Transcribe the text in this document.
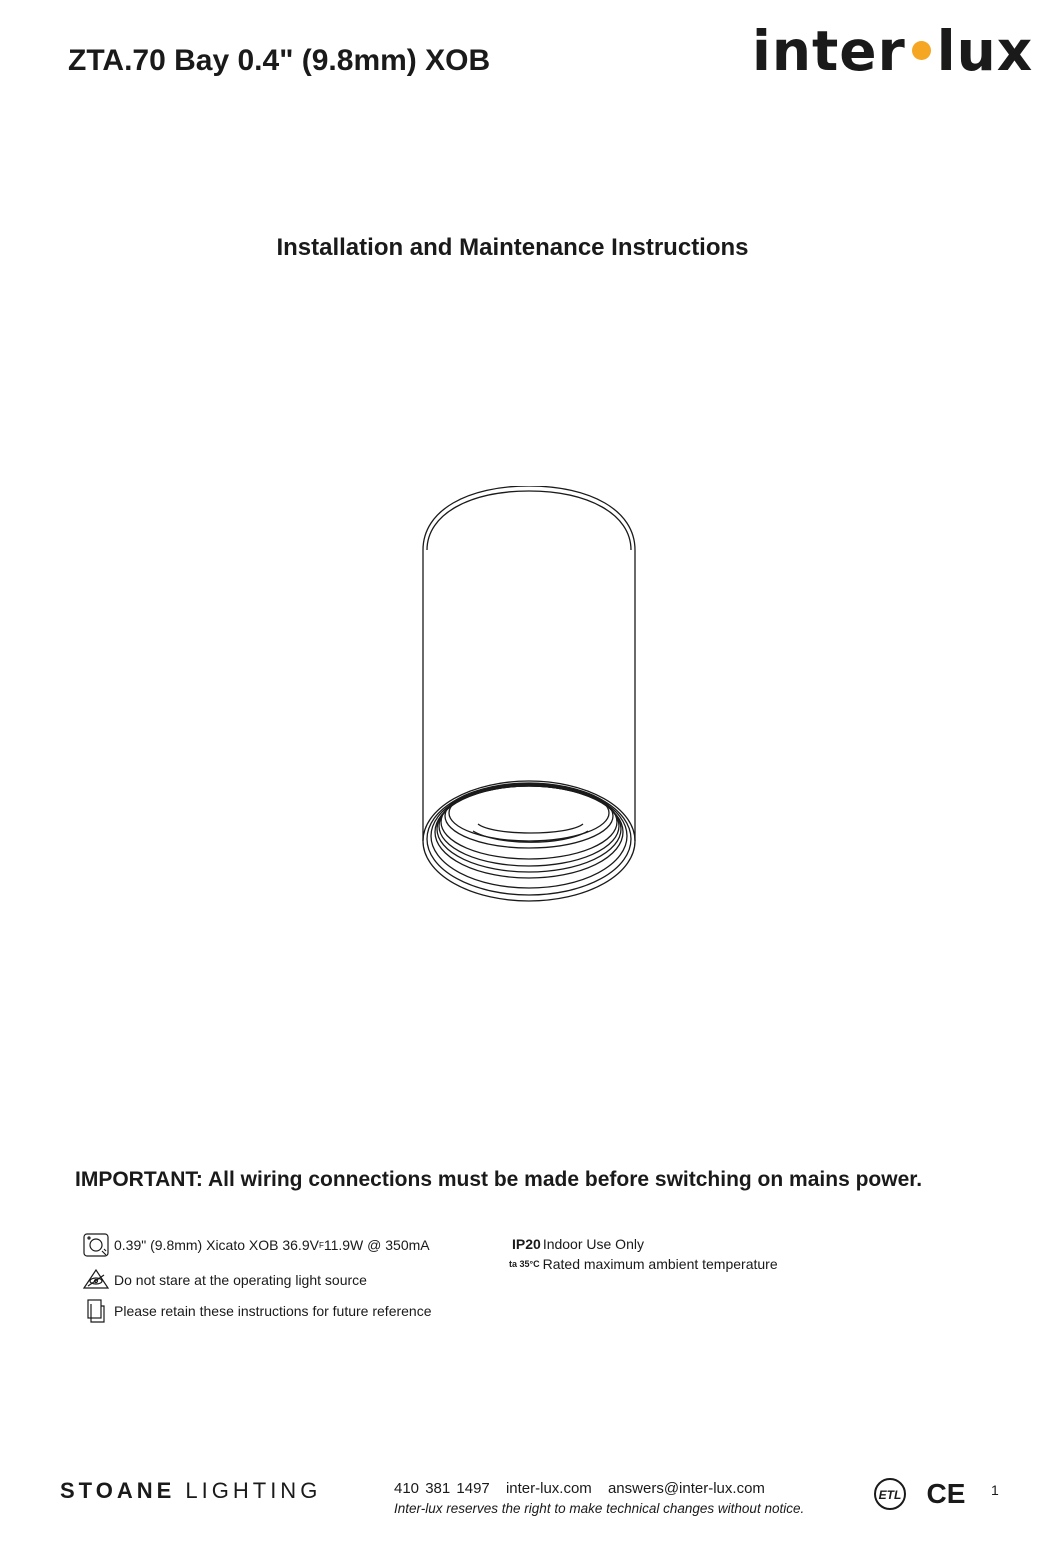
ZTA.70 Bay 0.4" (9.8mm) XOB	inter lux
Installation and Maintenance Instructions
IMPORTANT: All wiring connections must be made before switching on mains power.
0.39" (9.8mm) Xicato XOB 36.9V F 11.9W @ 350mA
Do not stare at the operating light source
Please retain these instructions for future reference
IP20 Indoor Use Only
ta 35°C Rated maximum ambient temperature
STOANE LIGHTING	410 381 1497 inter-lux.com answers@inter-lux.com
Inter-lux reserves the right to make technical changes without notice.
ETL CE 1
